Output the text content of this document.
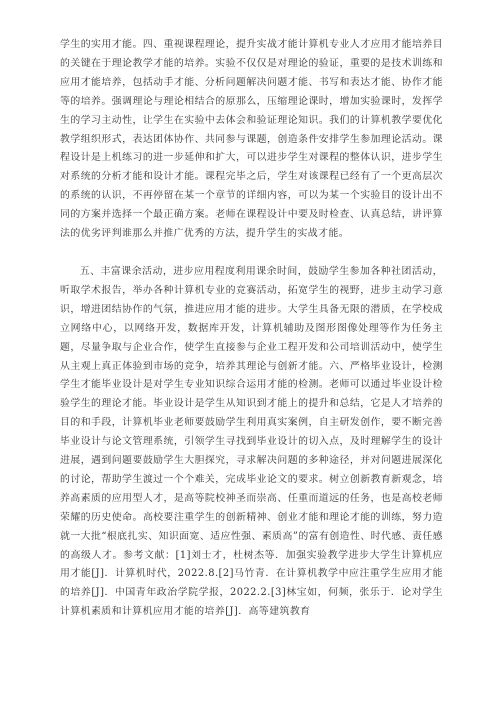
学生的实用才能。四、重视课程理论，提升实战才能计算机专业人才应用才能培养目的关键在于理论教学才能的培养。实验不仅仅是对理论的验证，重要的是技术训练和应用才能培养，包括动手才能、分析问题解决问题才能、书写和表达才能、协作才能等的培养。强调理论与理论相结合的原那么，压缩理论课时，增加实验课时，发挥学生的学习主动性，让学生在实验中去体会和验证理论知识。我们的计算机教学要优化教学组织形式，表达团体协作、共同参与课题，创造条件安排学生参加理论活动。课程设计是上机练习的进一步延伸和扩大，可以进步学生对课程的整体认识，进步学生对系统的分析才能和设计才能。课程完毕之后，学生对该课程已经有了一个更高层次的系统的认识，不再停留在某一个章节的详细内容，可以为某一个实验目的设计出不同的方案并选择一个最正确方案。老师在课程设计中要及时检查、认真总结，讲评算法的优劣评判谁那么并推广优秀的方法，提升学生的实战才能。

五、丰富课余活动，进步应用程度利用课余时间，鼓励学生参加各种社团活动，听取学术报告，举办各种计算机专业的竞赛活动，拓宽学生的视野，进步主动学习意识，增进团结协作的气氛，推进应用才能的进步。大学生具备无限的潜质，在学校成立网络中心，以网络开发，数据库开发，计算机辅助及图形图像处理等作为任务主题，尽量争取与企业合作，使学生直接参与企业工程开发和公司培训活动中，使学生从主观上真正体验到市场的竞争，培养其理论与创新才能。六、严格毕业设计，检测学生才能毕业设计是对学生专业知识综合运用才能的检测。老师可以通过毕业设计检验学生的理论才能。毕业设计是学生从知识到才能上的提升和总结，它是人才培养的目的和手段，计算机毕业老师要鼓励学生利用真实案例，自主研发创作，要不断完善毕业设计与论文管理系统，引领学生寻找到毕业设计的切入点，及时理解学生的设计进展，遇到问题要鼓励学生大胆探究，寻求解决问题的多种途径，并对问题进展深化的讨论，帮助学生渡过一个个难关，完成毕业论文的要求。树立创新教育新观念，培养高素质的应用型人才，是高等院校神圣而崇高、任重而道远的任务，也是高校老师荣耀的历史使命。高校要注重学生的创新精神、创业才能和理论才能的训练，努力造就一大批“根底扎实、知识面宽、适应性强、素质高”的富有创造性、时代感、责任感的高级人才。参考文献：[1]刘士才，杜树杰等．加强实验教学进步大学生计算机应用才能[J]．计算机时代，2022.8.[2]马竹青．在计算机教学中应注重学生应用才能的培养[J]．中国青年政治学院学报，2022.2.[3]林宝如，何频，张乐于．论对学生计算机素质和计算机应用才能的培养[J]．高等建筑教育
